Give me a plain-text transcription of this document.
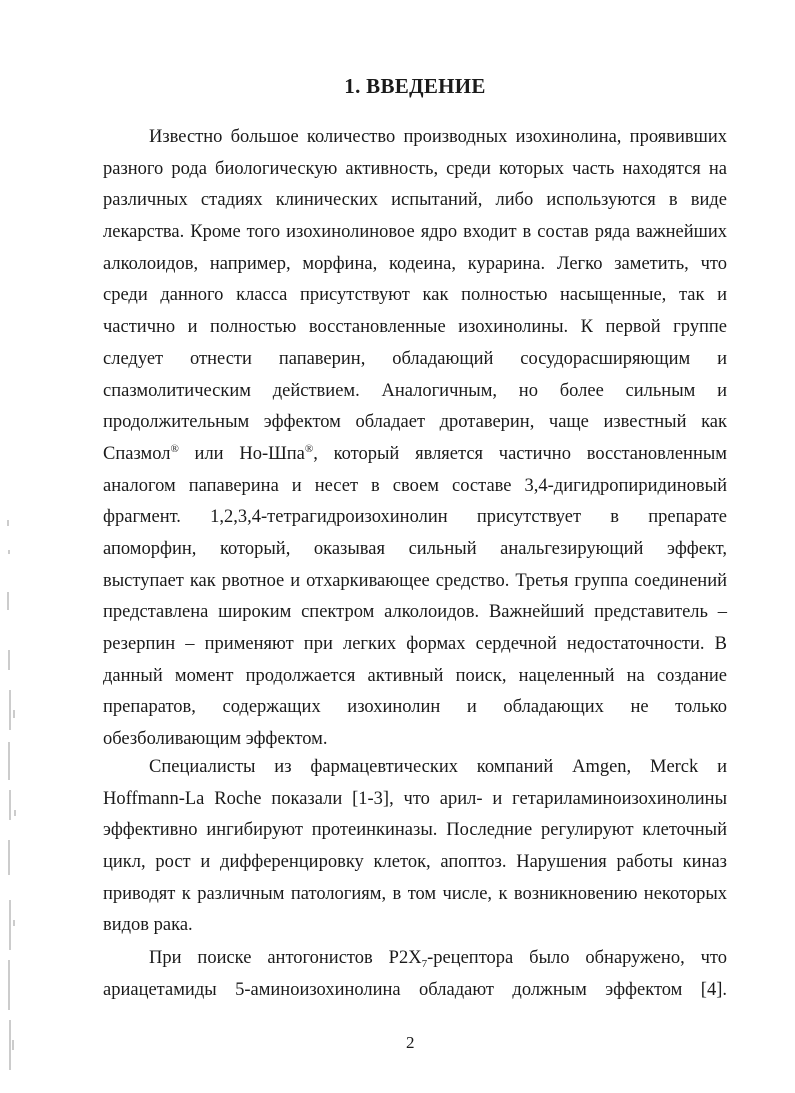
1. ВВЕДЕНИЕ
Известно большое количество производных изохинолина, проявивших
разного рода биологическую активность, среди которых часть находятся на
различных стадиях клинических испытаний, либо используются в виде
лекарства. Кроме того изохинолиновое ядро входит в состав ряда важнейших
алколоидов, например, морфина, кодеина, курарина. Легко заметить, что
среди данного класса присутствуют как полностью насыщенные, так и
частично и полностью восстановленные изохинолины. К первой группе
следует отнести папаверин, обладающий сосудорасширяющим и
спазмолитическим действием. Аналогичным, но более сильным и
продолжительным эффектом обладает дротаверин, чаще известный как
Спазмол® или Но-Шпа®, который является частично восстановленным
аналогом папаверина и несет в своем составе 3,4-дигидропиридиновый
фрагмент. 1,2,3,4-тетрагидроизохинолин присутствует в препарате
апоморфин, который, оказывая сильный анальгезирующий эффект,
выступает как рвотное и отхаркивающее средство. Третья группа соединений
представлена широким спектром алколоидов. Важнейший представитель –
резерпин – применяют при легких формах сердечной недостаточности. В
данный момент продолжается активный поиск, нацеленный на создание
препаратов, содержащих изохинолин и обладающих не только
обезболивающим эффектом.
Специалисты из фармацевтических компаний Amgen, Merck и
Hoffmann-La Roche показали [1-3], что арил- и гетариламиноизохинолины
эффективно ингибируют протеинкиназы. Последние регулируют клеточный
цикл, рост и дифференцировку клеток, апоптоз. Нарушения работы киназ
приводят к различным патологиям, в том числе, к возникновению некоторых
видов рака.
При поиске антогонистов $P2X_7$-рецептора было обнаружено, что
ариацетамиды 5-аминоизохинолина обладают должным эффектом [4].
2
